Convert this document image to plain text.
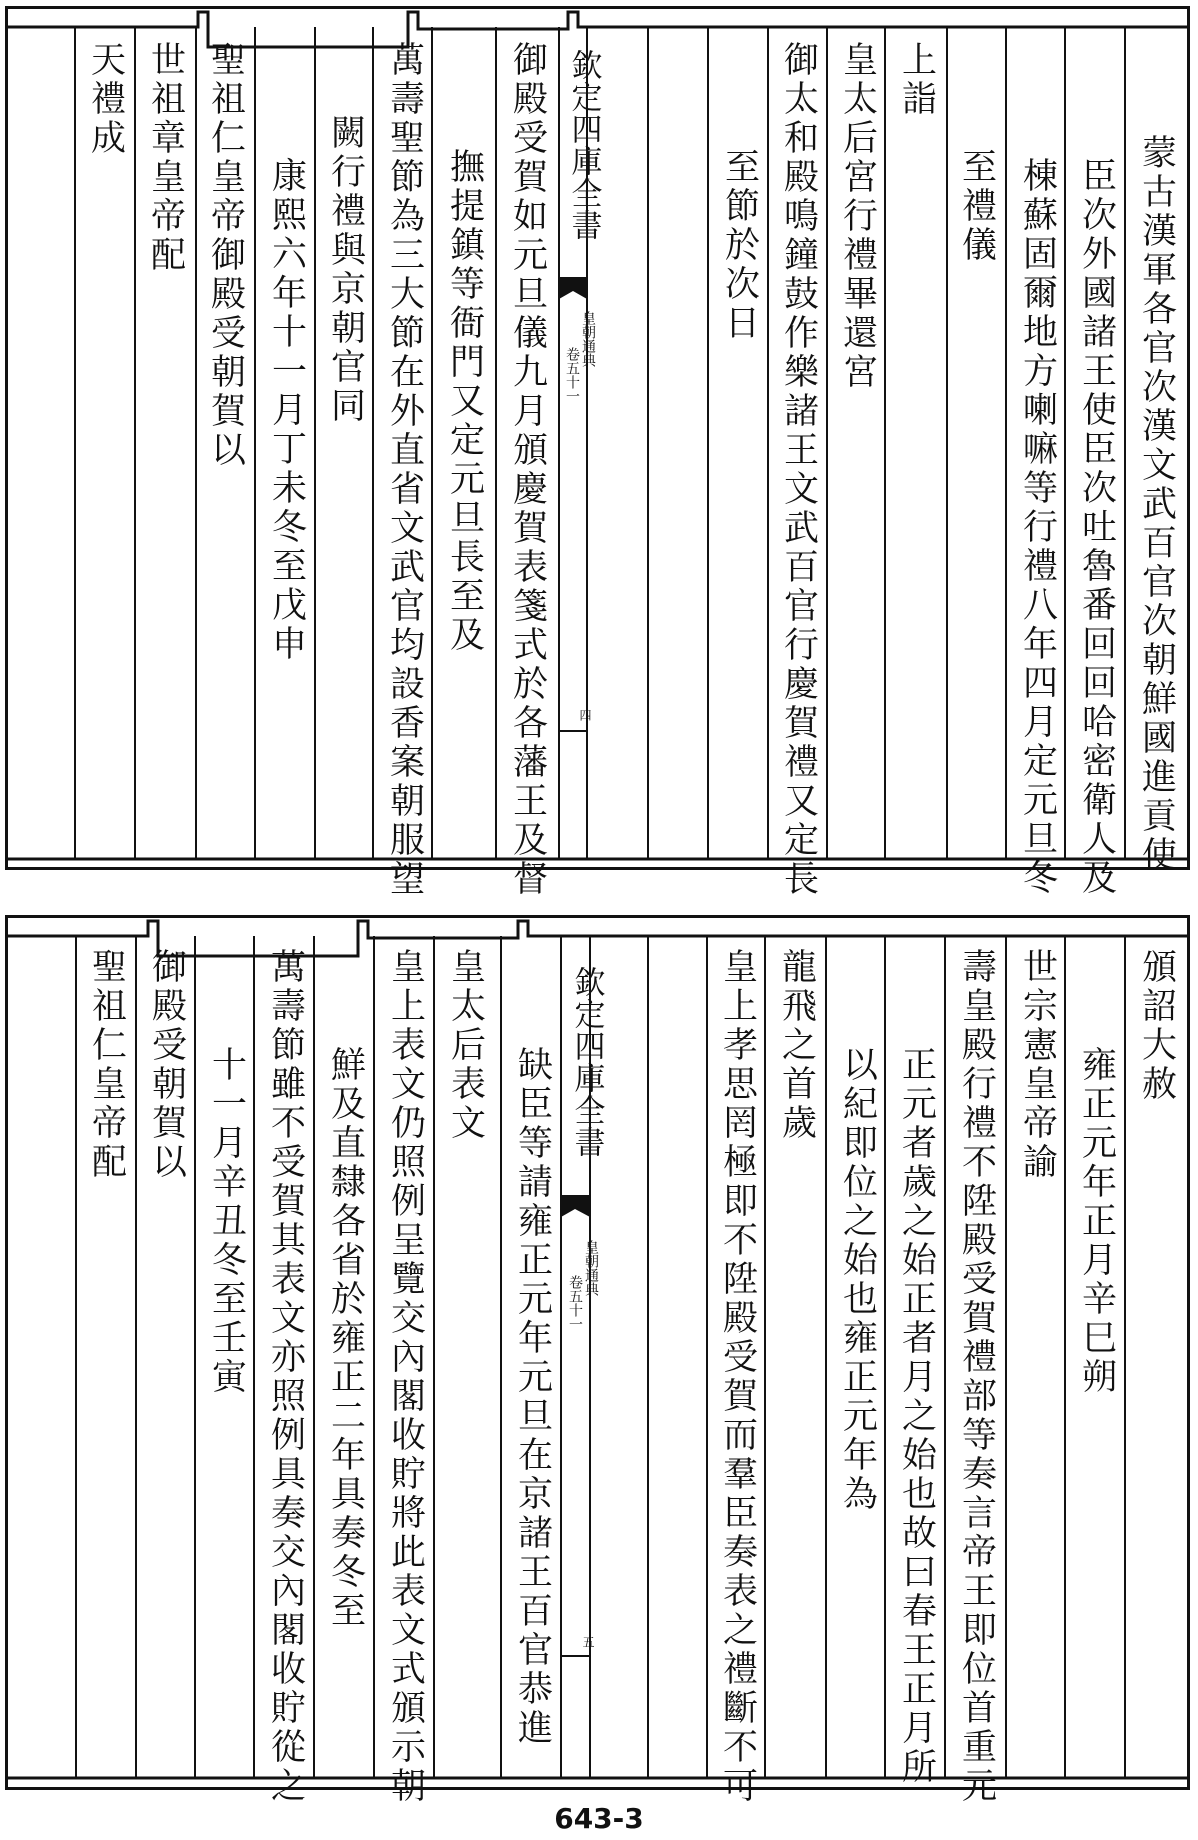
蒙古漢軍各官次漢文武百官次朝鮮國進貢使
臣次外國諸王使臣次吐魯番回回哈密衛人及
棟蘇固爾地方喇嘛等行禮八年四月定元旦冬
至禮儀
上詣
皇太后宮行禮畢還宮
御太和殿鳴鐘鼓作樂諸王文武百官行慶賀禮又定長
至節於次日
欽定四庫全書
皇朝通典
卷五十一
四
御殿受賀如元旦儀九月頒慶賀表箋式於各藩王及督
撫提鎮等衙門又定元旦長至及
萬壽聖節為三大節在外直省文武官均設香案朝服望
闕行禮與京朝官同
康熙六年十一月丁未冬至戊申
聖祖仁皇帝御殿受朝賀以
世祖章皇帝配
天禮成
頒詔大赦
雍正元年正月辛巳朔
世宗憲皇帝諭
壽皇殿行禮不陞殿受賀禮部等奏言帝王即位首重元
正元者歲之始正者月之始也故曰春王正月所
以紀即位之始也雍正元年為
龍飛之首歲
皇上孝思罔極即不陞殿受賀而羣臣奏表之禮斷不可
欽定四庫全書
皇朝通典
卷五十一
五
缺臣等請雍正元年元旦在京諸王百官恭進
皇太后表文
皇上表文仍照例呈覽交內閣收貯將此表文式頒示朝
鮮及直隸各省於雍正二年具奏冬至
萬壽節雖不受賀其表文亦照例具奏交內閣收貯從之
十一月辛丑冬至壬寅
御殿受朝賀以
聖祖仁皇帝配
643-3
